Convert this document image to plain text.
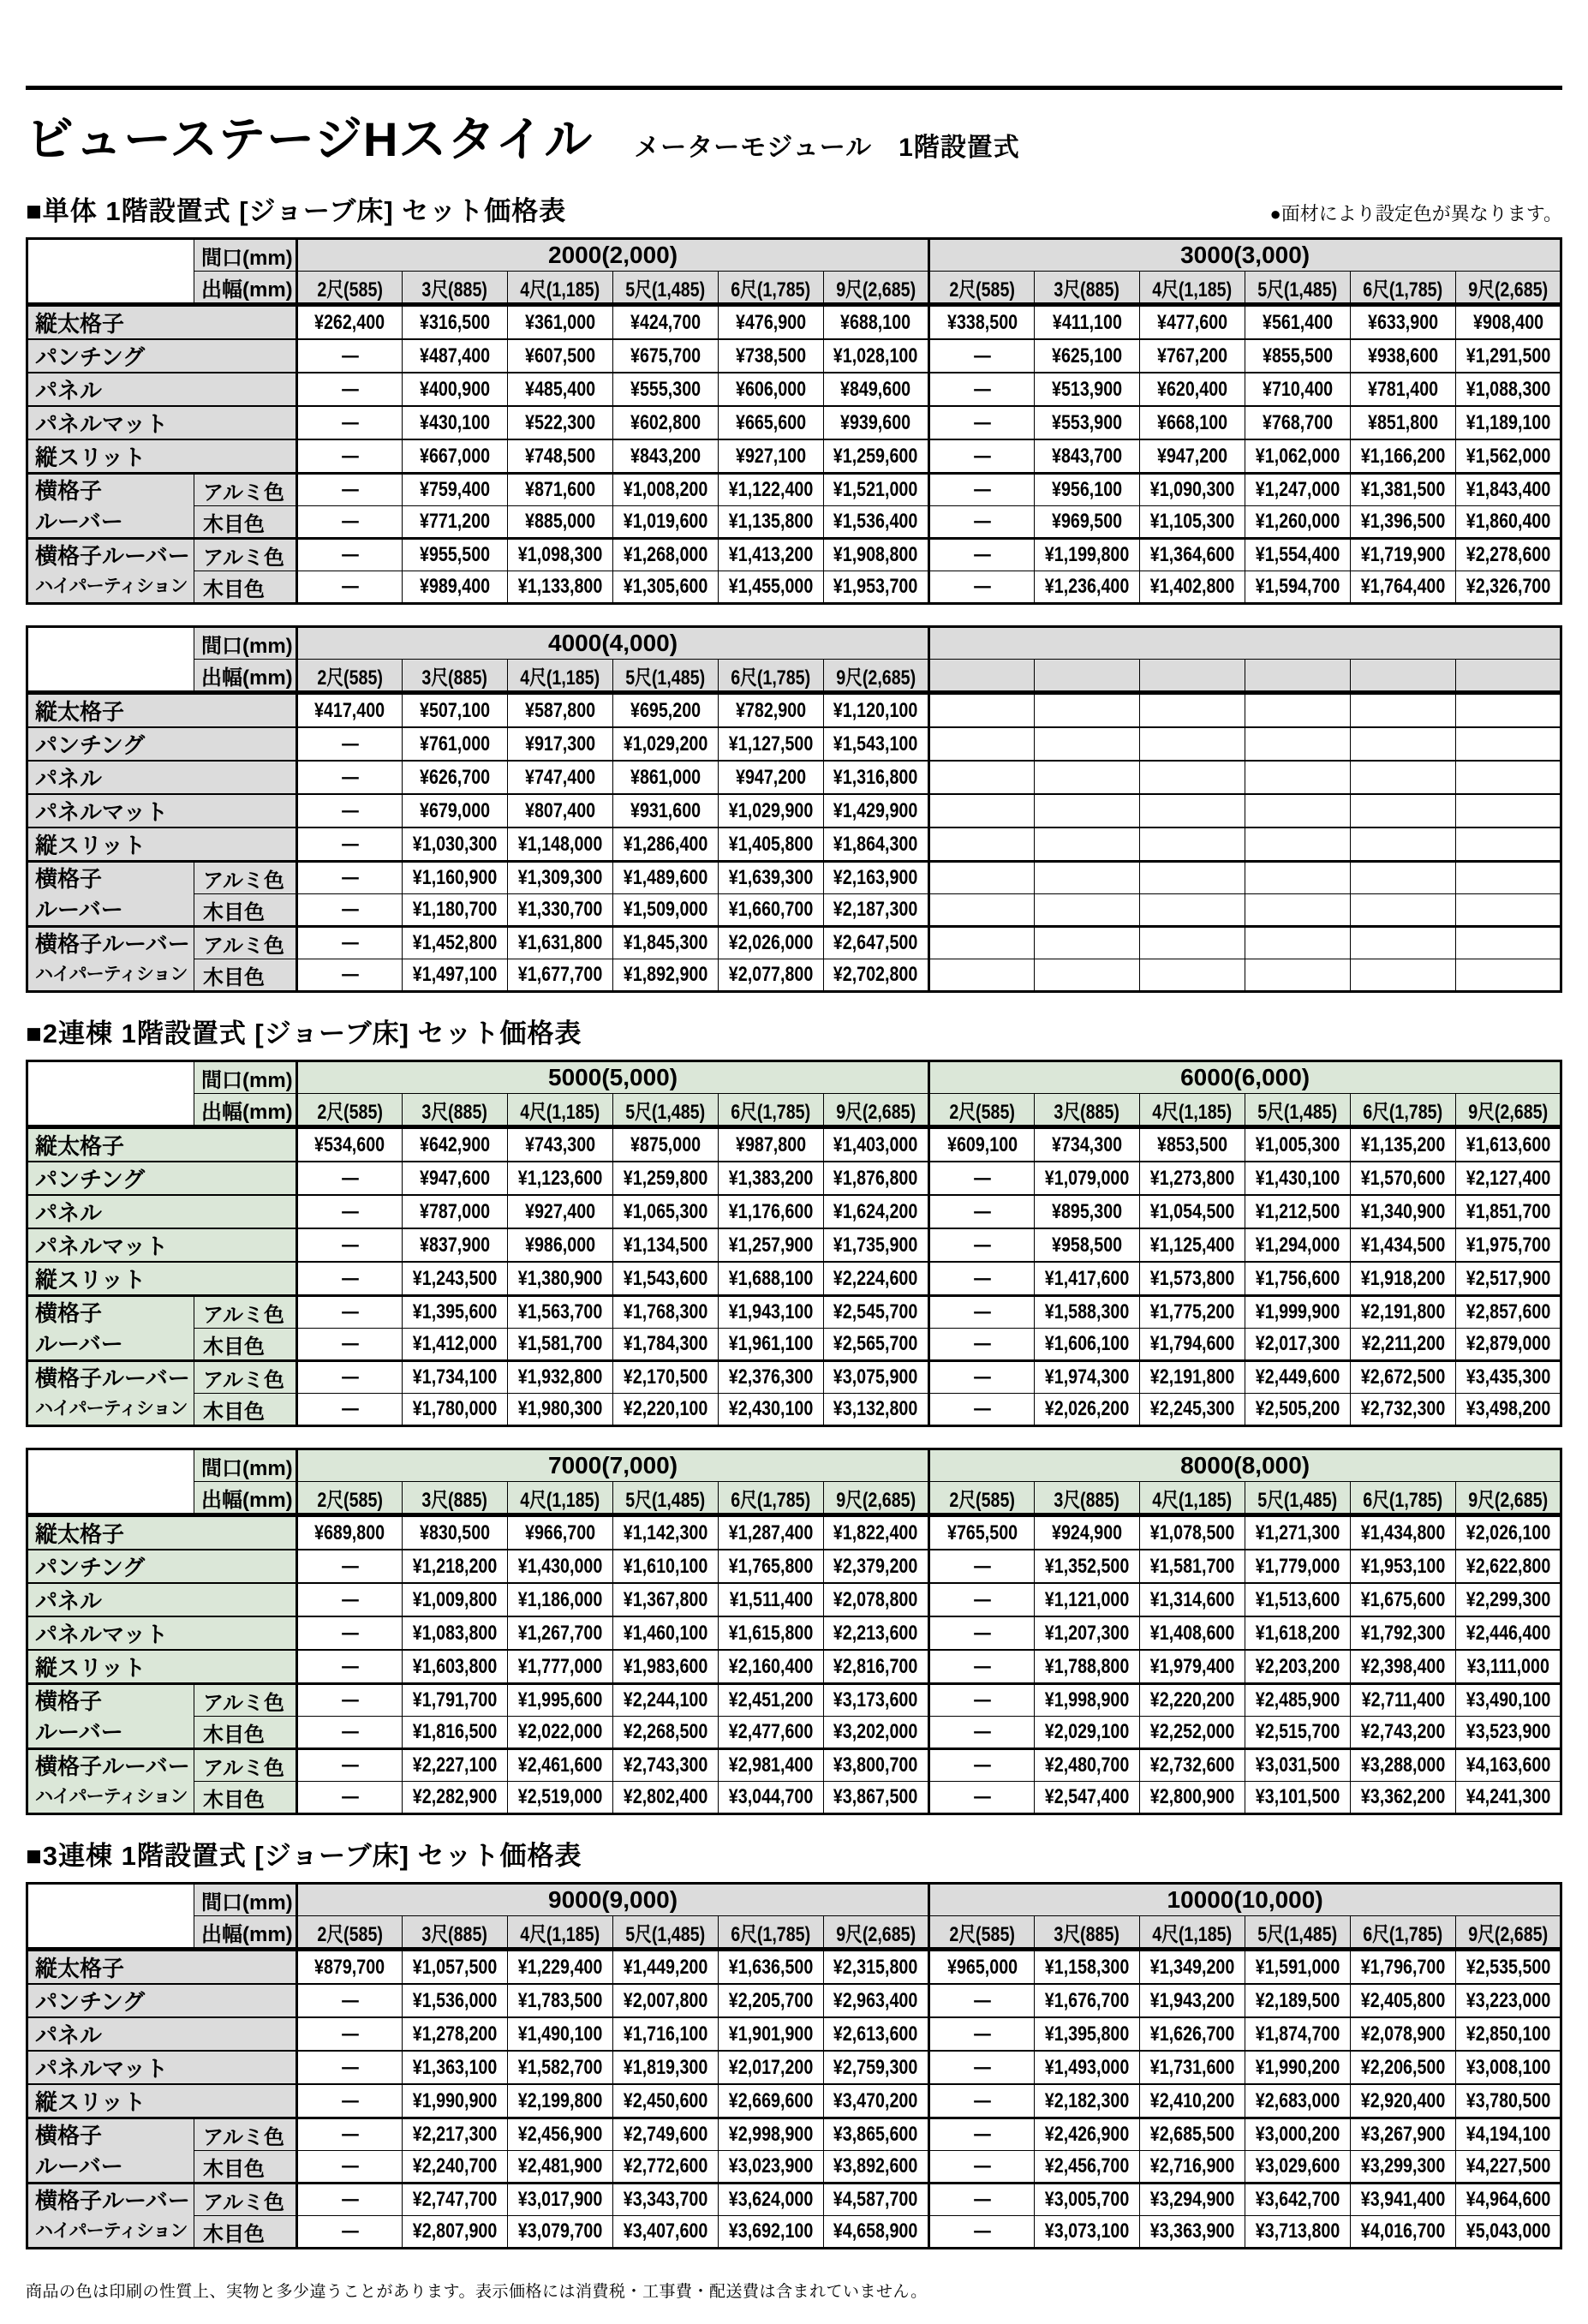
ビューステージHスタイル メーターモジュール　1階設置式
■単体 1階設置式 [ジョーブ床] セット価格表	●面材により設定色が異なります。
	間口(mm)	2000(2,000)						3000(3,000)					
	出幅(mm)	2尺(585)	3尺(885)	4尺(1,185)	5尺(1,485)	6尺(1,785)	9尺(2,685)	2尺(585)	3尺(885)	4尺(1,185)	5尺(1,485)	6尺(1,785)	9尺(2,685)
縦太格子		¥262,400	¥316,500	¥361,000	¥424,700	¥476,900	¥688,100	¥338,500	¥411,100	¥477,600	¥561,400	¥633,900	¥908,400
パンチング		―	¥487,400	¥607,500	¥675,700	¥738,500	¥1,028,100	―	¥625,100	¥767,200	¥855,500	¥938,600	¥1,291,500
パネル		―	¥400,900	¥485,400	¥555,300	¥606,000	¥849,600	―	¥513,900	¥620,400	¥710,400	¥781,400	¥1,088,300
パネルマット		―	¥430,100	¥522,300	¥602,800	¥665,600	¥939,600	―	¥553,900	¥668,100	¥768,700	¥851,800	¥1,189,100
縦スリット		―	¥667,000	¥748,500	¥843,200	¥927,100	¥1,259,600	―	¥843,700	¥947,200	¥1,062,000	¥1,166,200	¥1,562,000

横格子
ルーバー	アルミ色	―	¥759,400	¥871,600	¥1,008,200	¥1,122,400	¥1,521,000	―	¥956,100	¥1,090,300	¥1,247,000	¥1,381,500	¥1,843,400
	木目色	―	¥771,200	¥885,000	¥1,019,600	¥1,135,800	¥1,536,400	―	¥969,500	¥1,105,300	¥1,260,000	¥1,396,500	¥1,860,400

横格子ルーバー
ハイパーティション	アルミ色	―	¥955,500	¥1,098,300	¥1,268,000	¥1,413,200	¥1,908,800	―	¥1,199,800	¥1,364,600	¥1,554,400	¥1,719,900	¥2,278,600
	木目色	―	¥989,400	¥1,133,800	¥1,305,600	¥1,455,000	¥1,953,700	―	¥1,236,400	¥1,402,800	¥1,594,700	¥1,764,400	¥2,326,700
	間口(mm)	4000(4,000)											
	出幅(mm)	2尺(585)	3尺(885)	4尺(1,185)	5尺(1,485)	6尺(1,785)	9尺(2,685)						
縦太格子		¥417,400	¥507,100	¥587,800	¥695,200	¥782,900	¥1,120,100						
パンチング		―	¥761,000	¥917,300	¥1,029,200	¥1,127,500	¥1,543,100						
パネル		―	¥626,700	¥747,400	¥861,000	¥947,200	¥1,316,800						
パネルマット		―	¥679,000	¥807,400	¥931,600	¥1,029,900	¥1,429,900						
縦スリット		―	¥1,030,300	¥1,148,000	¥1,286,400	¥1,405,800	¥1,864,300						

横格子
ルーバー	アルミ色	―	¥1,160,900	¥1,309,300	¥1,489,600	¥1,639,300	¥2,163,900						
	木目色	―	¥1,180,700	¥1,330,700	¥1,509,000	¥1,660,700	¥2,187,300						

横格子ルーバー
ハイパーティション	アルミ色	―	¥1,452,800	¥1,631,800	¥1,845,300	¥2,026,000	¥2,647,500						
	木目色	―	¥1,497,100	¥1,677,700	¥1,892,900	¥2,077,800	¥2,702,800						
■2連棟 1階設置式 [ジョーブ床] セット価格表
	間口(mm)	5000(5,000)						6000(6,000)					
	出幅(mm)	2尺(585)	3尺(885)	4尺(1,185)	5尺(1,485)	6尺(1,785)	9尺(2,685)	2尺(585)	3尺(885)	4尺(1,185)	5尺(1,485)	6尺(1,785)	9尺(2,685)
縦太格子		¥534,600	¥642,900	¥743,300	¥875,000	¥987,800	¥1,403,000	¥609,100	¥734,300	¥853,500	¥1,005,300	¥1,135,200	¥1,613,600
パンチング		―	¥947,600	¥1,123,600	¥1,259,800	¥1,383,200	¥1,876,800	―	¥1,079,000	¥1,273,800	¥1,430,100	¥1,570,600	¥2,127,400
パネル		―	¥787,000	¥927,400	¥1,065,300	¥1,176,600	¥1,624,200	―	¥895,300	¥1,054,500	¥1,212,500	¥1,340,900	¥1,851,700
パネルマット		―	¥837,900	¥986,000	¥1,134,500	¥1,257,900	¥1,735,900	―	¥958,500	¥1,125,400	¥1,294,000	¥1,434,500	¥1,975,700
縦スリット		―	¥1,243,500	¥1,380,900	¥1,543,600	¥1,688,100	¥2,224,600	―	¥1,417,600	¥1,573,800	¥1,756,600	¥1,918,200	¥2,517,900

横格子
ルーバー	アルミ色	―	¥1,395,600	¥1,563,700	¥1,768,300	¥1,943,100	¥2,545,700	―	¥1,588,300	¥1,775,200	¥1,999,900	¥2,191,800	¥2,857,600
	木目色	―	¥1,412,000	¥1,581,700	¥1,784,300	¥1,961,100	¥2,565,700	―	¥1,606,100	¥1,794,600	¥2,017,300	¥2,211,200	¥2,879,000

横格子ルーバー
ハイパーティション	アルミ色	―	¥1,734,100	¥1,932,800	¥2,170,500	¥2,376,300	¥3,075,900	―	¥1,974,300	¥2,191,800	¥2,449,600	¥2,672,500	¥3,435,300
	木目色	―	¥1,780,000	¥1,980,300	¥2,220,100	¥2,430,100	¥3,132,800	―	¥2,026,200	¥2,245,300	¥2,505,200	¥2,732,300	¥3,498,200
	間口(mm)	7000(7,000)						8000(8,000)					
	出幅(mm)	2尺(585)	3尺(885)	4尺(1,185)	5尺(1,485)	6尺(1,785)	9尺(2,685)	2尺(585)	3尺(885)	4尺(1,185)	5尺(1,485)	6尺(1,785)	9尺(2,685)
縦太格子		¥689,800	¥830,500	¥966,700	¥1,142,300	¥1,287,400	¥1,822,400	¥765,500	¥924,900	¥1,078,500	¥1,271,300	¥1,434,800	¥2,026,100
パンチング		―	¥1,218,200	¥1,430,000	¥1,610,100	¥1,765,800	¥2,379,200	―	¥1,352,500	¥1,581,700	¥1,779,000	¥1,953,100	¥2,622,800
パネル		―	¥1,009,800	¥1,186,000	¥1,367,800	¥1,511,400	¥2,078,800	―	¥1,121,000	¥1,314,600	¥1,513,600	¥1,675,600	¥2,299,300
パネルマット		―	¥1,083,800	¥1,267,700	¥1,460,100	¥1,615,800	¥2,213,600	―	¥1,207,300	¥1,408,600	¥1,618,200	¥1,792,300	¥2,446,400
縦スリット		―	¥1,603,800	¥1,777,000	¥1,983,600	¥2,160,400	¥2,816,700	―	¥1,788,800	¥1,979,400	¥2,203,200	¥2,398,400	¥3,111,000

横格子
ルーバー	アルミ色	―	¥1,791,700	¥1,995,600	¥2,244,100	¥2,451,200	¥3,173,600	―	¥1,998,900	¥2,220,200	¥2,485,900	¥2,711,400	¥3,490,100
	木目色	―	¥1,816,500	¥2,022,000	¥2,268,500	¥2,477,600	¥3,202,000	―	¥2,029,100	¥2,252,000	¥2,515,700	¥2,743,200	¥3,523,900

横格子ルーバー
ハイパーティション	アルミ色	―	¥2,227,100	¥2,461,600	¥2,743,300	¥2,981,400	¥3,800,700	―	¥2,480,700	¥2,732,600	¥3,031,500	¥3,288,000	¥4,163,600
	木目色	―	¥2,282,900	¥2,519,000	¥2,802,400	¥3,044,700	¥3,867,500	―	¥2,547,400	¥2,800,900	¥3,101,500	¥3,362,200	¥4,241,300
■3連棟 1階設置式 [ジョーブ床] セット価格表
	間口(mm)	9000(9,000)						10000(10,000)					
	出幅(mm)	2尺(585)	3尺(885)	4尺(1,185)	5尺(1,485)	6尺(1,785)	9尺(2,685)	2尺(585)	3尺(885)	4尺(1,185)	5尺(1,485)	6尺(1,785)	9尺(2,685)
縦太格子		¥879,700	¥1,057,500	¥1,229,400	¥1,449,200	¥1,636,500	¥2,315,800	¥965,000	¥1,158,300	¥1,349,200	¥1,591,000	¥1,796,700	¥2,535,500
パンチング		―	¥1,536,000	¥1,783,500	¥2,007,800	¥2,205,700	¥2,963,400	―	¥1,676,700	¥1,943,200	¥2,189,500	¥2,405,800	¥3,223,000
パネル		―	¥1,278,200	¥1,490,100	¥1,716,100	¥1,901,900	¥2,613,600	―	¥1,395,800	¥1,626,700	¥1,874,700	¥2,078,900	¥2,850,100
パネルマット		―	¥1,363,100	¥1,582,700	¥1,819,300	¥2,017,200	¥2,759,300	―	¥1,493,000	¥1,731,600	¥1,990,200	¥2,206,500	¥3,008,100
縦スリット		―	¥1,990,900	¥2,199,800	¥2,450,600	¥2,669,600	¥3,470,200	―	¥2,182,300	¥2,410,200	¥2,683,000	¥2,920,400	¥3,780,500

横格子
ルーバー	アルミ色	―	¥2,217,300	¥2,456,900	¥2,749,600	¥2,998,900	¥3,865,600	―	¥2,426,900	¥2,685,500	¥3,000,200	¥3,267,900	¥4,194,100
	木目色	―	¥2,240,700	¥2,481,900	¥2,772,600	¥3,023,900	¥3,892,600	―	¥2,456,700	¥2,716,900	¥3,029,600	¥3,299,300	¥4,227,500

横格子ルーバー
ハイパーティション	アルミ色	―	¥2,747,700	¥3,017,900	¥3,343,700	¥3,624,000	¥4,587,700	―	¥3,005,700	¥3,294,900	¥3,642,700	¥3,941,400	¥4,964,600
	木目色	―	¥2,807,900	¥3,079,700	¥3,407,600	¥3,692,100	¥4,658,900	―	¥3,073,100	¥3,363,900	¥3,713,800	¥4,016,700	¥5,043,000
商品の色は印刷の性質上、実物と多少違うことがあります。表示価格には消費税・工事費・配送費は含まれていません。
